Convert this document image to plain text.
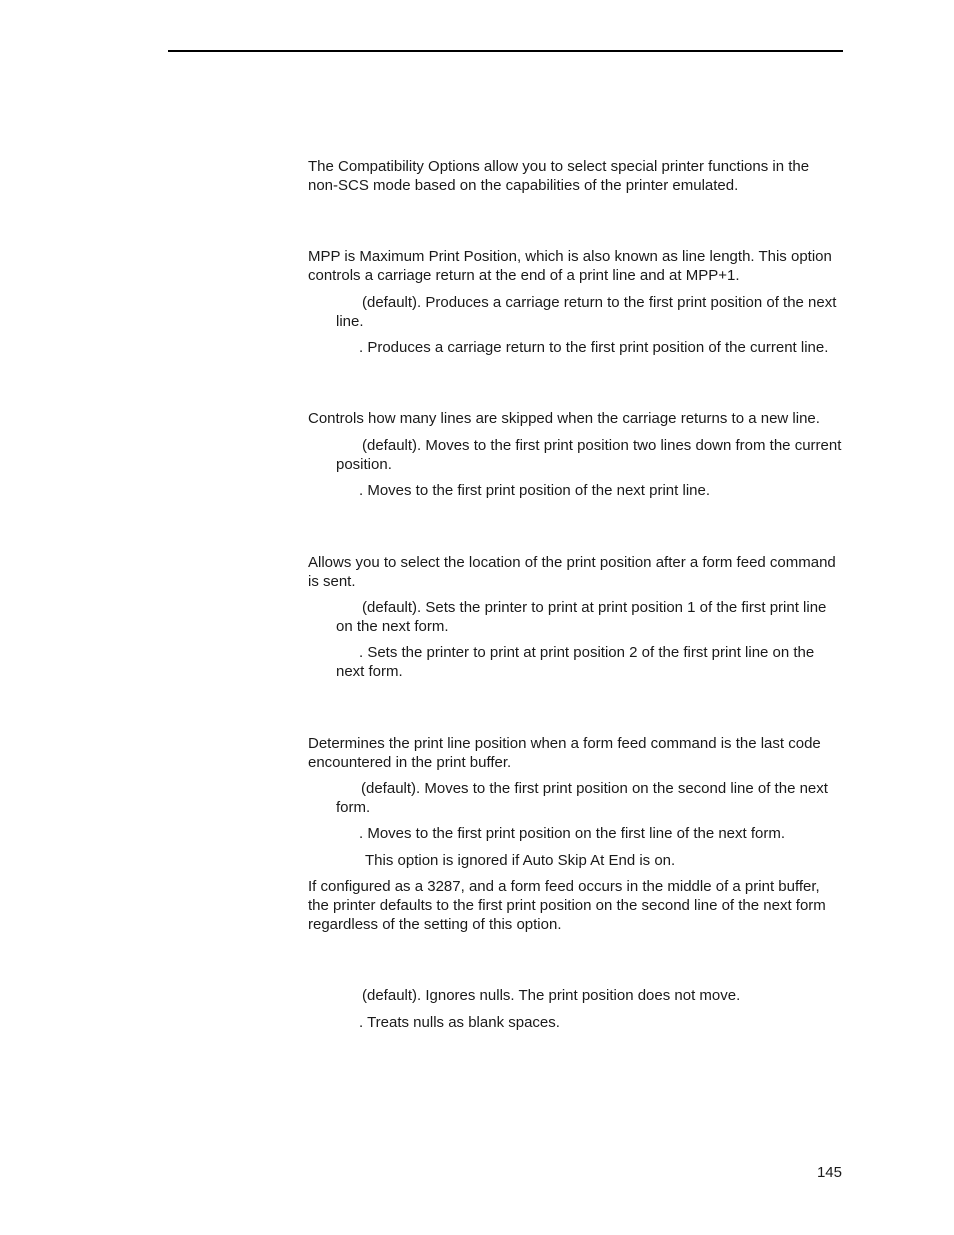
The Compatibility Options allow you to select special printer functions in the non-SCS mode based on the capabilities of the printer emulated.

MPP is Maximum Print Position, which is also known as line length. This option controls a carriage return at the end of a print line and at MPP+1.

(default). Produces a carriage return to the first print position of the next line.

. Produces a carriage return to the first print position of the current line.

Controls how many lines are skipped when the carriage returns to a new line.

(default). Moves to the first print position two lines down from the current position.

. Moves to the first print position of the next print line.

Allows you to select the location of the print position after a form feed command is sent.

(default). Sets the printer to print at print position 1 of the first print line on the next form.

. Sets the printer to print at print position 2 of the first print line on the next form.

Determines the print line position when a form feed command is the last code encountered in the print buffer.

(default). Moves to the first print position on the second line of the next form.

. Moves to the first print position on the first line of the next form.

This option is ignored if Auto Skip At End is on.

If configured as a 3287, and a form feed occurs in the middle of a print buffer, the printer defaults to the first print position on the second line of the next form regardless of the setting of this option.

(default). Ignores nulls. The print position does not move.

. Treats nulls as blank spaces.

145
